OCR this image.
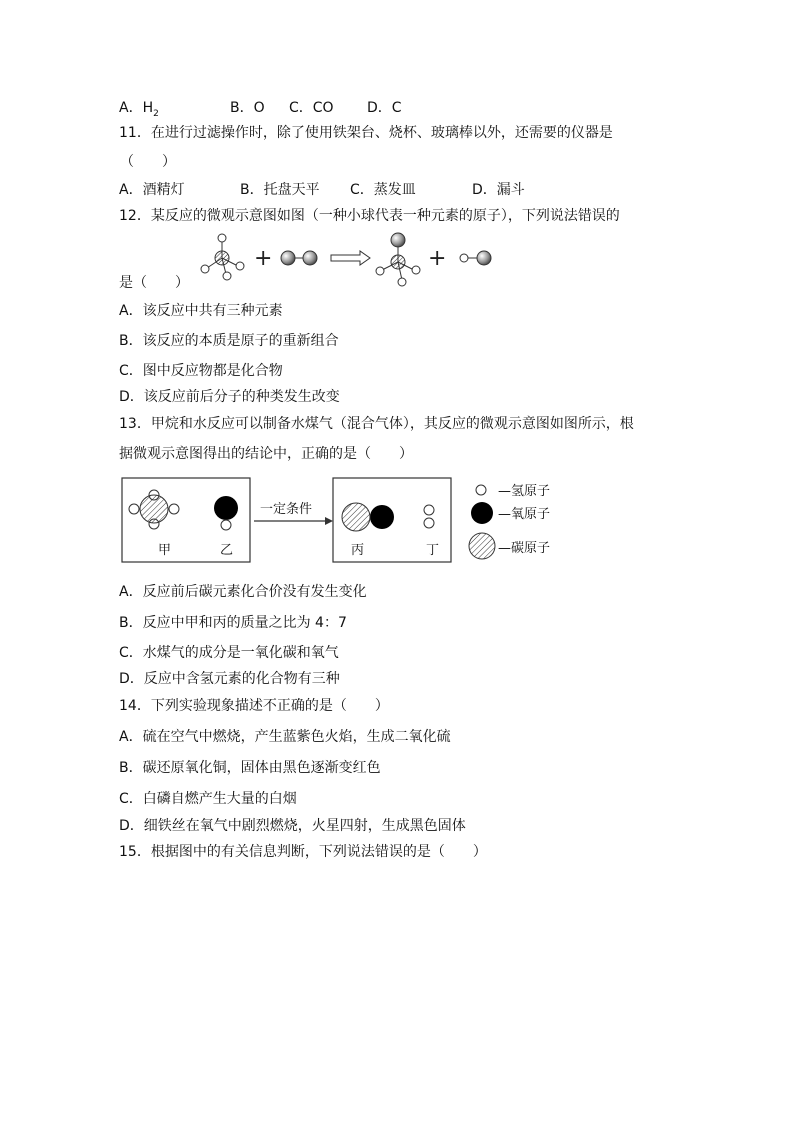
A．$H_2$	B．O C．CO D．C
11．在进行过滤操作时，除了使用铁架台、烧杯、玻璃棒以外，还需要的仪器是
（　　）
A．酒精灯	B．托盘天平 C．蒸发皿	D．漏斗
12．某反应的微观示意图如图（一种小球代表一种元素的原子），下列说法错误的
+	+
是（　　）
A．该反应中共有三种元素
B．该反应的本质是原子的重新组合
C．图中反应物都是化合物
D．该反应前后分子的种类发生改变
13．甲烷和水反应可以制备水煤气（混合气体），其反应的微观示意图如图所示，根
据微观示意图得出的结论中，正确的是（　　）
甲	乙
一定条件
丙	丁
—氢原子
—氧原子
—碳原子
A．反应前后碳元素化合价没有发生变化
B．反应中甲和丙的质量之比为 4：7
C．水煤气的成分是一氧化碳和氧气
D．反应中含氢元素的化合物有三种
14．下列实验现象描述不正确的是（　　）
A．硫在空气中燃烧，产生蓝紫色火焰，生成二氧化硫
B．碳还原氧化铜，固体由黑色逐渐变红色
C．白磷自燃产生大量的白烟
D．细铁丝在氧气中剧烈燃烧，火星四射，生成黑色固体
15．根据图中的有关信息判断，下列说法错误的是（　　）
